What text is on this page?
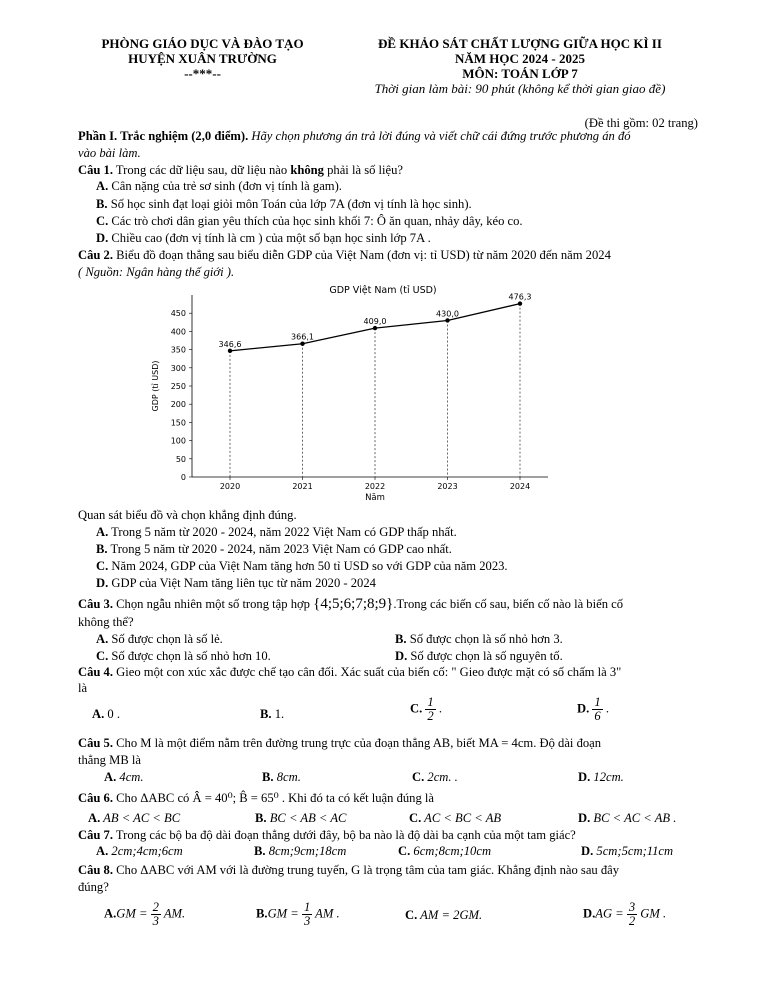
PHÒNG GIÁO DỤC VÀ ĐÀO TẠO
HUYỆN XUÂN TRƯỜNG
--***--
ĐỀ KHẢO SÁT CHẤT LƯỢNG GIỮA HỌC KÌ II
NĂM HỌC 2024 - 2025
MÔN: TOÁN LỚP 7
Thời gian làm bài: 90 phút (không kể thời gian giao đề)
(Đề thi gồm: 02 trang)
Phần I. Trắc nghiệm (2,0 điểm). Hãy chọn phương án trả lời đúng và viết chữ cái đứng trước phương án đó
vào bài làm.
Câu 1. Trong các dữ liệu sau, dữ liệu nào không phải là số liệu?
A. Cân nặng của trẻ sơ sinh (đơn vị tính là gam).
B. Số học sinh đạt loại giỏi môn Toán của lớp 7A (đơn vị tính là học sinh).
C. Các trò chơi dân gian yêu thích của học sinh khối 7: Ô ăn quan, nhảy dây, kéo co.
D. Chiều cao (đơn vị tính là cm ) của một số bạn học sinh lớp 7A .
Câu 2. Biểu đồ đoạn thẳng sau biểu diễn GDP của Việt Nam (đơn vị: tỉ USD) từ năm 2020 đến năm 2024
( Nguồn: Ngân hàng thế giới ).
GDP Việt Nam (tỉ USD)
0
50
100
150
200
250
300
350
400
450
GDP (tỉ USD)
2020	2021	2022	2023	2024
Năm
346,6
366,1
409,0
430,0
476,3
Quan sát biểu đồ và chọn khẳng định đúng.
A. Trong 5 năm từ 2020 - 2024, năm 2022 Việt Nam có GDP thấp nhất.
B. Trong 5 năm từ 2020 - 2024, năm 2023 Việt Nam có GDP cao nhất.
C. Năm 2024, GDP của Việt Nam tăng hơn 50 tỉ USD so với GDP của năm 2023.
D. GDP của Việt Nam tăng liên tục từ năm 2020 - 2024
Câu 3. Chọn ngẫu nhiên một số trong tập hợp {4;5;6;7;8;9}.Trong các biến cố sau, biến cố nào là biến cố
không thể?
A. Số được chọn là số lẻ.	B. Số được chọn là số nhỏ hơn 3.
C. Số được chọn là số nhỏ hơn 10.	D. Số được chọn là số nguyên tố.
Câu 4. Gieo một con xúc xắc được chế tạo cân đối. Xác suất của biến cố: " Gieo được mặt có số chấm là 3"
là
A. 0 .	B. 1.	C. $\frac{1}{2}$ .	D. $\frac{1}{6}$ .
Câu 5. Cho M là một điểm nằm trên đường trung trực của đoạn thẳng AB, biết MA = 4cm. Độ dài đoạn
thẳng MB là
A. 4cm.	B. 8cm.	C. 2cm. .	D. 12cm.
Câu 6. Cho ΔABC có Â = 40⁰; B̂ = 65⁰ . Khi đó ta có kết luận đúng là
A. AB < AC < BC	B. BC < AB < AC	C. AC < BC < AB	D. BC < AC < AB .
Câu 7. Trong các bộ ba độ dài đoạn thẳng dưới đây, bộ ba nào là độ dài ba cạnh của một tam giác?
A. 2cm;4cm;6cm	B. 8cm;9cm;18cm	C. 6cm;8cm;10cm	D. 5cm;5cm;11cm
Câu 8. Cho ΔABC với AM với là đường trung tuyến, G là trọng tâm của tam giác. Khẳng định nào sau đây
đúng?
$A.GM = \frac{2}{3}$ AM.	$B.GM = \frac{1}{3}$ AM .	C. AM = 2GM.	$D.AG = \frac{3}{2}$ GM .
